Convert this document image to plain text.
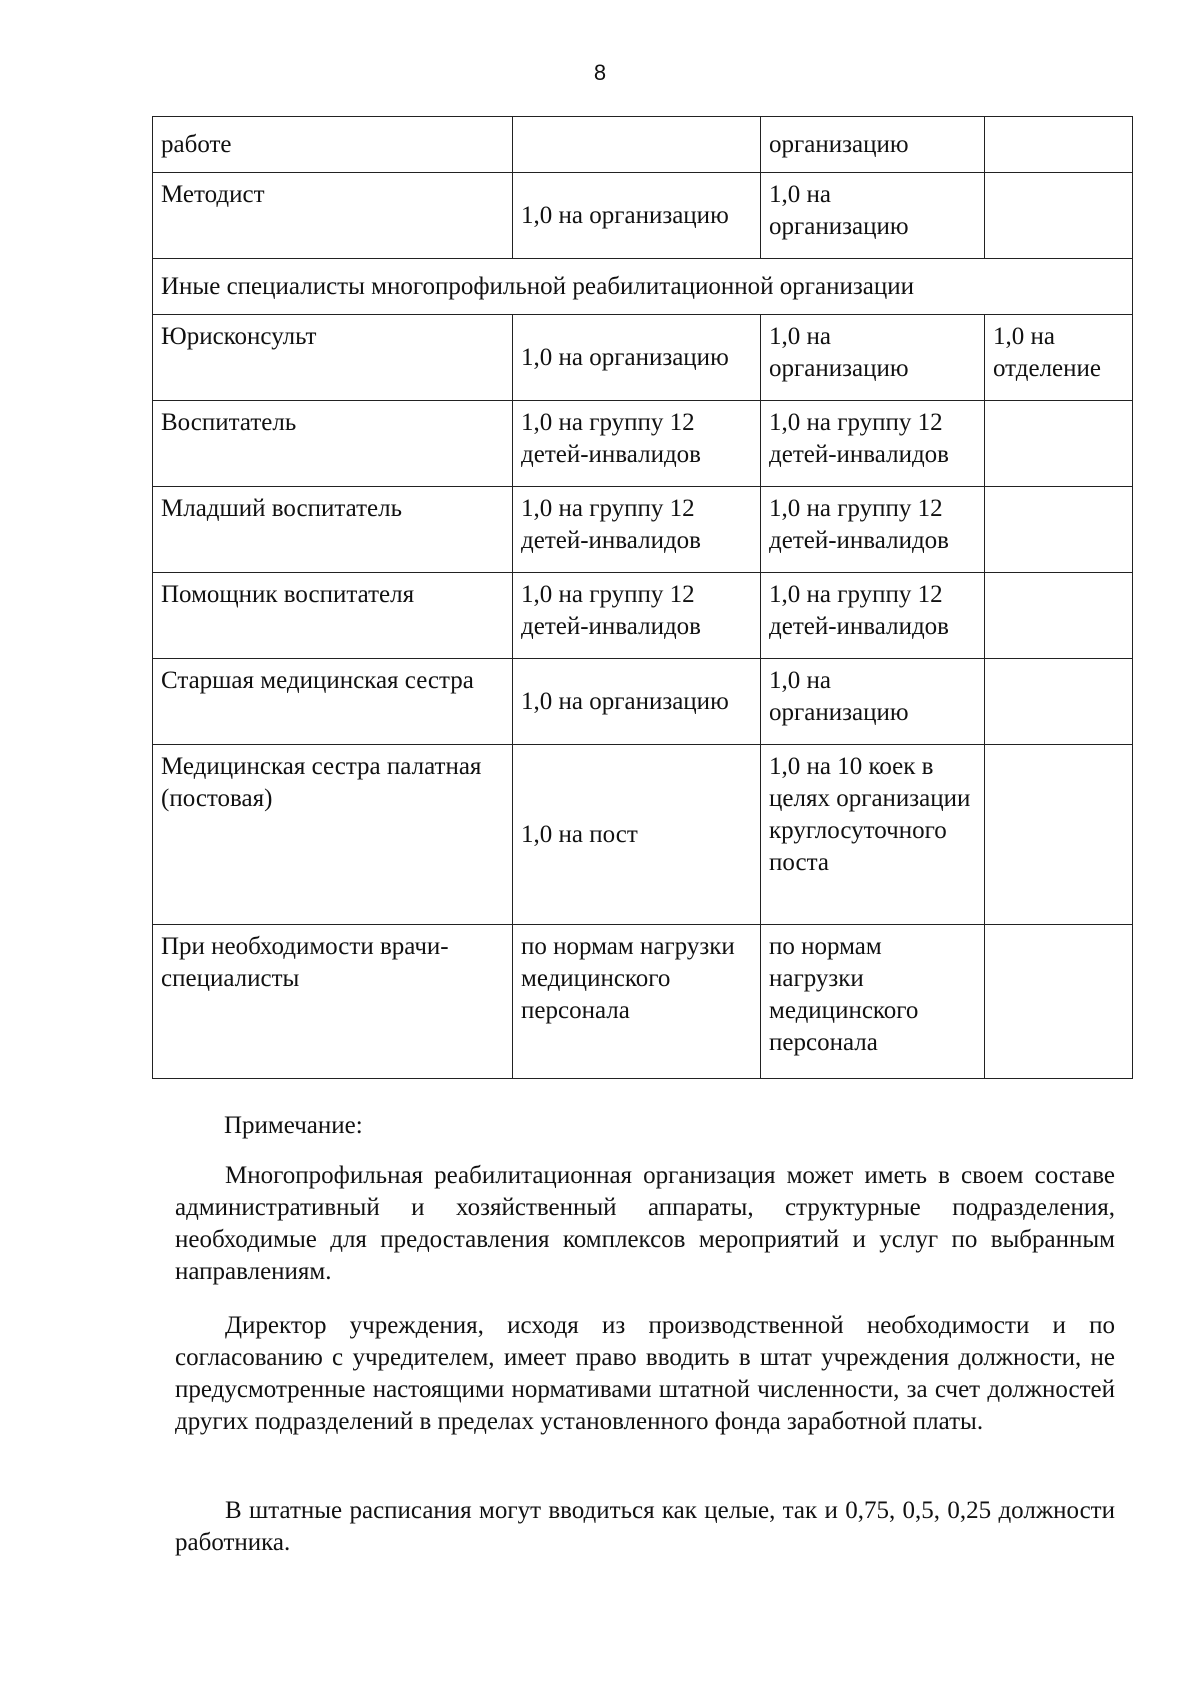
8
работе		организацию	
Методист	1,0 на организацию	1,0 на организацию	
Иные специалисты многопрофильной реабилитационной организации			
Юрисконсульт	1,0 на организацию	1,0 на организацию	1,0 на отделение
Воспитатель	1,0 на группу 12 детей-инвалидов	1,0 на группу 12 детей-инвалидов	
Младший воспитатель	1,0 на группу 12 детей-инвалидов	1,0 на группу 12 детей-инвалидов	
Помощник воспитателя	1,0 на группу 12 детей-инвалидов	1,0 на группу 12 детей-инвалидов	
Старшая медицинская сестра	1,0 на организацию	1,0 на организацию	
Медицинская сестра палатная (постовая)	1,0 на пост	1,0 на 10 коек в целях организации круглосуточного поста	
При необходимости врачи-специалисты	по нормам нагрузки медицинского персонала	по нормам нагрузки медицинского персонала	

Примечание:

Многопрофильная реабилитационная организация может иметь в своем составе административный и хозяйственный аппараты, структурные подразделения, необходимые для предоставления комплексов мероприятий и услуг по выбранным направлениям.

Директор учреждения, исходя из производственной необходимости и по согласованию с учредителем, имеет право вводить в штат учреждения должности, не предусмотренные настоящими нормативами штатной численности, за счет должностей других подразделений в пределах установленного фонда заработной платы.

В штатные расписания могут вводиться как целые, так и 0,75, 0,5, 0,25 должности работника.
